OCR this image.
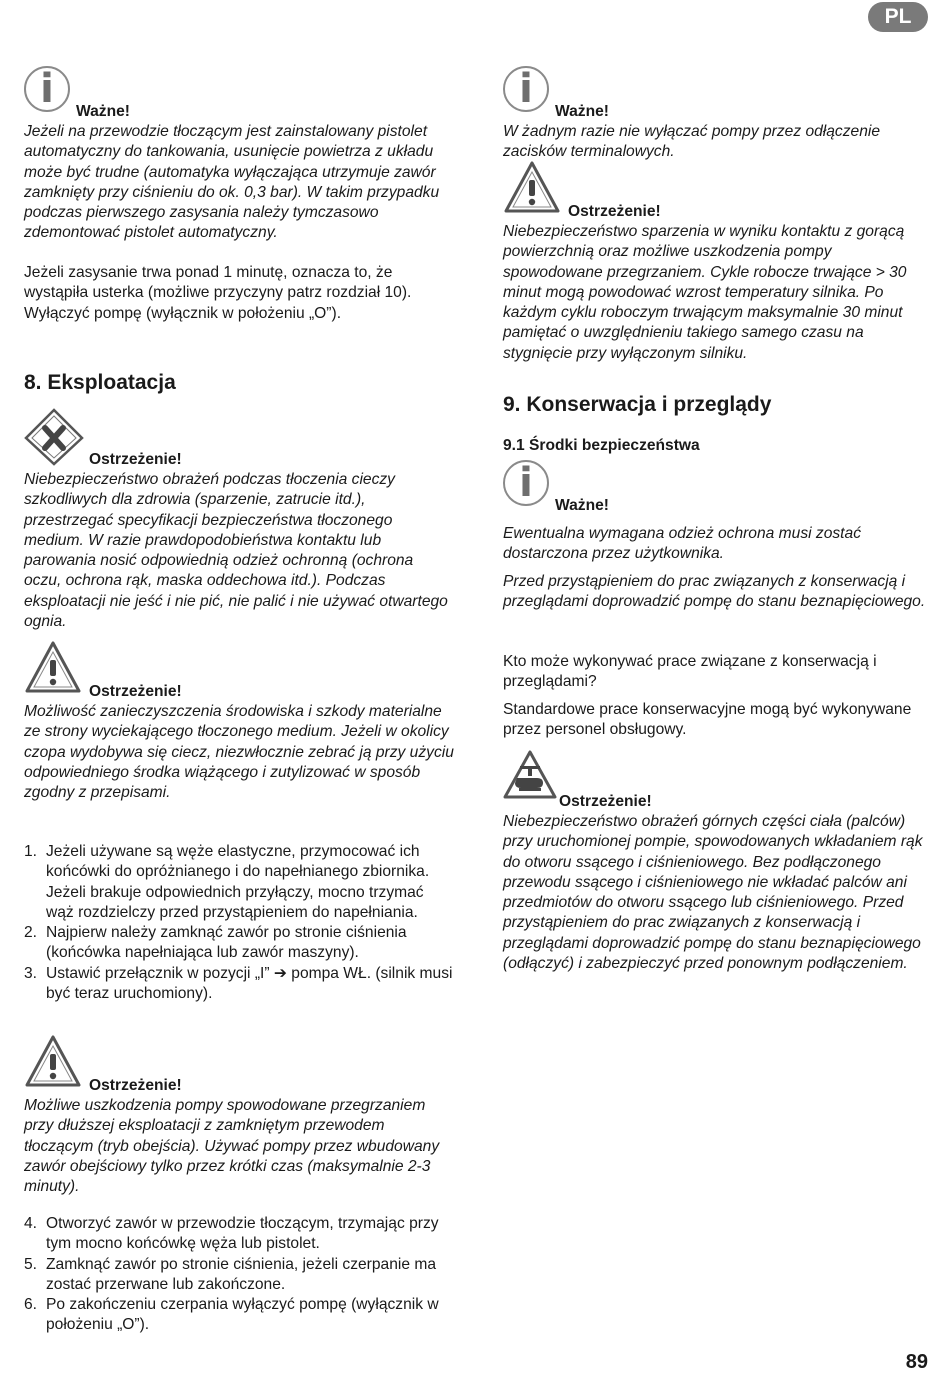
PL
i	Ważne!

Jeżeli na przewodzie tłoczącym jest zainstalowany pistolet automatyczny do tankowania, usunięcie powietrza z układu może być trudne (automatyka wyłączająca utrzymuje zawór zamknięty przy ciśnieniu do ok. 0,3 bar). W takim przypadku podczas pierwszego zasysania należy tymczasowo zdemontować pistolet automatyczny.

Jeżeli zasysanie trwa ponad 1 minutę, oznacza to, że wystąpiła usterka (możliwe przyczyny patrz rozdział 10). Wyłączyć pompę (wyłącznik w położeniu „O”).

8. Eksploatacja
Ostrzeżenie!

Niebezpieczeństwo obrażeń podczas tłoczenia cieczy szkodliwych dla zdrowia (sparzenie, zatrucie itd.), przestrzegać specyfikacji bezpieczeństwa tłoczonego medium. W razie prawdopodobieństwa kontaktu lub parowania nosić odpowiednią odzież ochronną (ochrona oczu, ochrona rąk, maska oddechowa itd.). Podczas eksploatacji nie jeść i nie pić, nie palić i nie używać otwartego ognia.

Ostrzeżenie!

Możliwość zanieczyszczenia środowiska i szkody materialne ze strony wyciekającego tłoczonego medium. Jeżeli w okolicy czopa wydobywa się ciecz, niezwłocznie zebrać ją przy użyciu odpowiedniego środka wiążącego i zutylizować w sposób zgodny z przepisami.

1. Jeżeli używane są węże elastyczne, przymocować ich końcówki do opróżnianego i do napełnianego zbiornika. Jeżeli brakuje odpowiednich przyłączy, mocno trzymać wąż rozdzielczy przed przystąpieniem do napełniania.
2. Najpierw należy zamknąć zawór po stronie ciśnienia (końcówka napełniająca lub zawór maszyny).
3. Ustawić przełącznik w pozycji „I” ➔ pompa WŁ. (silnik musi być teraz uruchomiony).
Ostrzeżenie!

Możliwe uszkodzenia pompy spowodowane przegrzaniem przy dłuższej eksploatacji z zamkniętym przewodem tłoczącym (tryb obejścia). Używać pompy przez wbudowany zawór obejściowy tylko przez krótki czas (maksymalnie 2-3 minuty).

4. Otworzyć zawór w przewodzie tłoczącym, trzymając przy tym mocno końcówkę węża lub pistolet.
5. Zamknąć zawór po stronie ciśnienia, jeżeli czerpanie ma zostać przerwane lub zakończone.
6. Po zakończeniu czerpania wyłączyć pompę (wyłącznik w położeniu „O”).
i	Ważne!

W żadnym razie nie wyłączać pompy przez odłączenie zacisków terminalowych.

Ostrzeżenie!

Niebezpieczeństwo sparzenia w wyniku kontaktu z gorącą powierzchnią oraz możliwe uszkodzenia pompy spowodowane przegrzaniem. Cykle robocze trwające > 30 minut mogą powodować wzrost temperatury silnika. Po każdym cyklu roboczym trwającym maksymalnie 30 minut pamiętać o uwzględnieniu takiego samego czasu na stygnięcie przy wyłączonym silniku.

9. Konserwacja i przeglądy
9.1 Środki bezpieczeństwa
i	Ważne!

Ewentualna wymagana odzież ochrona musi zostać dostarczona przez użytkownika.

Przed przystąpieniem do prac związanych z konserwacją i przeglądami doprowadzić pompę do stanu beznapięciowego.

Kto może wykonywać prace związane z konserwacją i przeglądami?

Standardowe prace konserwacyjne mogą być wykonywane przez personel obsługowy.

Ostrzeżenie!

Niebezpieczeństwo obrażeń górnych części ciała (palców) przy uruchomionej pompie, spowodowanych wkładaniem rąk do otworu ssącego i ciśnieniowego. Bez podłączonego przewodu ssącego i ciśnieniowego nie wkładać palców ani przedmiotów do otworu ssącego lub ciśnieniowego. Przed przystąpieniem do prac związanych z konserwacją i przeglądami doprowadzić pompę do stanu beznapięciowego (odłączyć) i zabezpieczyć przed ponownym podłączeniem.

89
